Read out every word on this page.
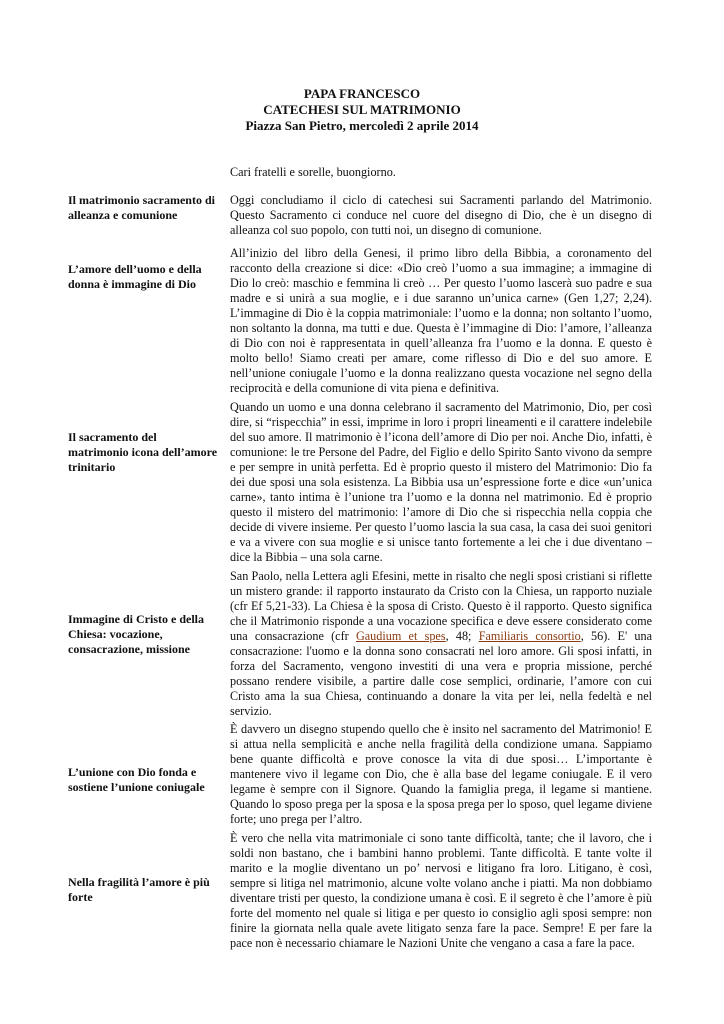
PAPA FRANCESCO
CATECHESI SUL MATRIMONIO
Piazza San Pietro, mercoledì 2 aprile 2014
Cari fratelli e sorelle, buongiorno.
Il matrimonio sacramento di alleanza e comunione
Oggi concludiamo il ciclo di catechesi sui Sacramenti parlando del Matrimonio. Questo Sacramento ci conduce nel cuore del disegno di Dio, che è un disegno di alleanza col suo popolo, con tutti noi, un disegno di comunione.
L’amore dell’uomo e della donna è immagine di Dio
All’inizio del libro della Genesi, il primo libro della Bibbia, a coronamento del racconto della creazione si dice: «Dio creò l’uomo a sua immagine; a immagine di Dio lo creò: maschio e femmina li creò … Per questo l’uomo lascerà suo padre e sua madre e si unirà a sua moglie, e i due saranno un’unica carne» (Gen 1,27; 2,24). L’immagine di Dio è la coppia matrimoniale: l’uomo e la donna; non soltanto l’uomo, non soltanto la donna, ma tutti e due. Questa è l’immagine di Dio: l’amore, l’alleanza di Dio con noi è rappresentata in quell’alleanza fra l’uomo e la donna. E questo è molto bello! Siamo creati per amare, come riflesso di Dio e del suo amore. E nell’unione coniugale l’uomo e la donna realizzano questa vocazione nel segno della reciprocità e della comunione di vita piena e definitiva.
Il sacramento del matrimonio icona dell’amore trinitario
Quando un uomo e una donna celebrano il sacramento del Matrimonio, Dio, per così dire, si “rispecchia” in essi, imprime in loro i propri lineamenti e il carattere indelebile del suo amore. Il matrimonio è l’icona dell’amore di Dio per noi. Anche Dio, infatti, è comunione: le tre Persone del Padre, del Figlio e dello Spirito Santo vivono da sempre e per sempre in unità perfetta. Ed è proprio questo il mistero del Matrimonio: Dio fa dei due sposi una sola esistenza. La Bibbia usa un’espressione forte e dice «un’unica carne», tanto intima è l’unione tra l’uomo e la donna nel matrimonio. Ed è proprio questo il mistero del matrimonio: l’amore di Dio che si rispecchia nella coppia che decide di vivere insieme. Per questo l’uomo lascia la sua casa, la casa dei suoi genitori e va a vivere con sua moglie e si unisce tanto fortemente a lei che i due diventano – dice la Bibbia – una sola carne.
Immagine di Cristo e della Chiesa: vocazione, consacrazione, missione
San Paolo, nella Lettera agli Efesini, mette in risalto che negli sposi cristiani si riflette un mistero grande: il rapporto instaurato da Cristo con la Chiesa, un rapporto nuziale (cfr Ef 5,21-33). La Chiesa è la sposa di Cristo. Questo è il rapporto. Questo significa che il Matrimonio risponde a una vocazione specifica e deve essere considerato come una consacrazione (cfr Gaudium et spes, 48; Familiaris consortio, 56). E' una consacrazione: l'uomo e la donna sono consacrati nel loro amore. Gli sposi infatti, in forza del Sacramento, vengono investiti di una vera e propria missione, perché possano rendere visibile, a partire dalle cose semplici, ordinarie, l’amore con cui Cristo ama la sua Chiesa, continuando a donare la vita per lei, nella fedeltà e nel servizio.
L’unione con Dio fonda e sostiene l’unione coniugale
È davvero un disegno stupendo quello che è insito nel sacramento del Matrimonio! E si attua nella semplicità e anche nella fragilità della condizione umana. Sappiamo bene quante difficoltà e prove conosce la vita di due sposi… L’importante è mantenere vivo il legame con Dio, che è alla base del legame coniugale. E il vero legame è sempre con il Signore. Quando la famiglia prega, il legame si mantiene. Quando lo sposo prega per la sposa e la sposa prega per lo sposo, quel legame diviene forte; uno prega per l’altro.
Nella fragilità l’amore è più forte
È vero che nella vita matrimoniale ci sono tante difficoltà, tante; che il lavoro, che i soldi non bastano, che i bambini hanno problemi. Tante difficoltà. E tante volte il marito e la moglie diventano un po’ nervosi e litigano fra loro. Litigano, è così, sempre si litiga nel matrimonio, alcune volte volano anche i piatti. Ma non dobbiamo diventare tristi per questo, la condizione umana è così. E il segreto è che l’amore è più forte del momento nel quale si litiga e per questo io consiglio agli sposi sempre: non finire la giornata nella quale avete litigato senza fare la pace. Sempre! E per fare la pace non è necessario chiamare le Nazioni Unite che vengano a casa a fare la pace.
